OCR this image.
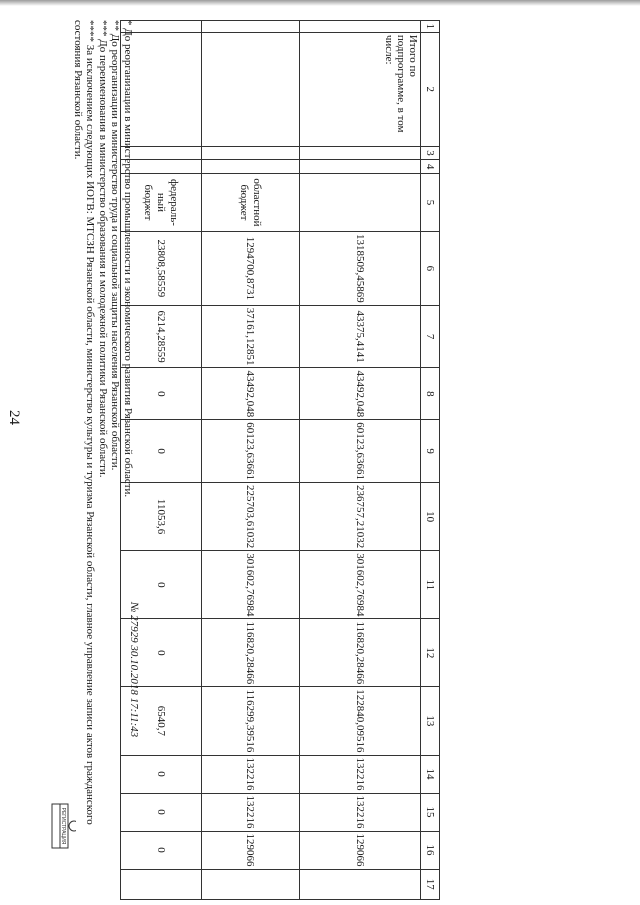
24
1	2	3	4	5	6	7	8	9	10	11	12	13	14	15	16	17
	Итого по подпрограмме, в том числе:				1318509,45869	43375,4141	43492,048	60123,63661	236757,21032	301602,76984	116820,28466	122840,09516	132216	132216	129066	
				областной бюджет	1294700,8731	37161,12851	43492,048	60123,63661	225703,61032	301602,76984	116820,28466	116299,39516	132216	132216	129066	
				федераль- ный бюджет	23808,58559	6214,28559	0	0	11053,6	0	0	6540,7	0	0	0	

* До реорганизации в министерство промышленности и экономического развития Рязанской области.

** До реорганизации в министерство труда и социальной защиты населения Рязанской области.

*** До переименования в министерство образования и молодежной политики Рязанской области.

**** За исключением следующих ИОГВ: МТСЗН Рязанской области, министерство культуры и туризма Рязанской области, главное управление записи актов гражданского состояния Рязанской области.

№ 27929 30.10.2018 17:11:43
РЕГИСТРАЦИЯ
